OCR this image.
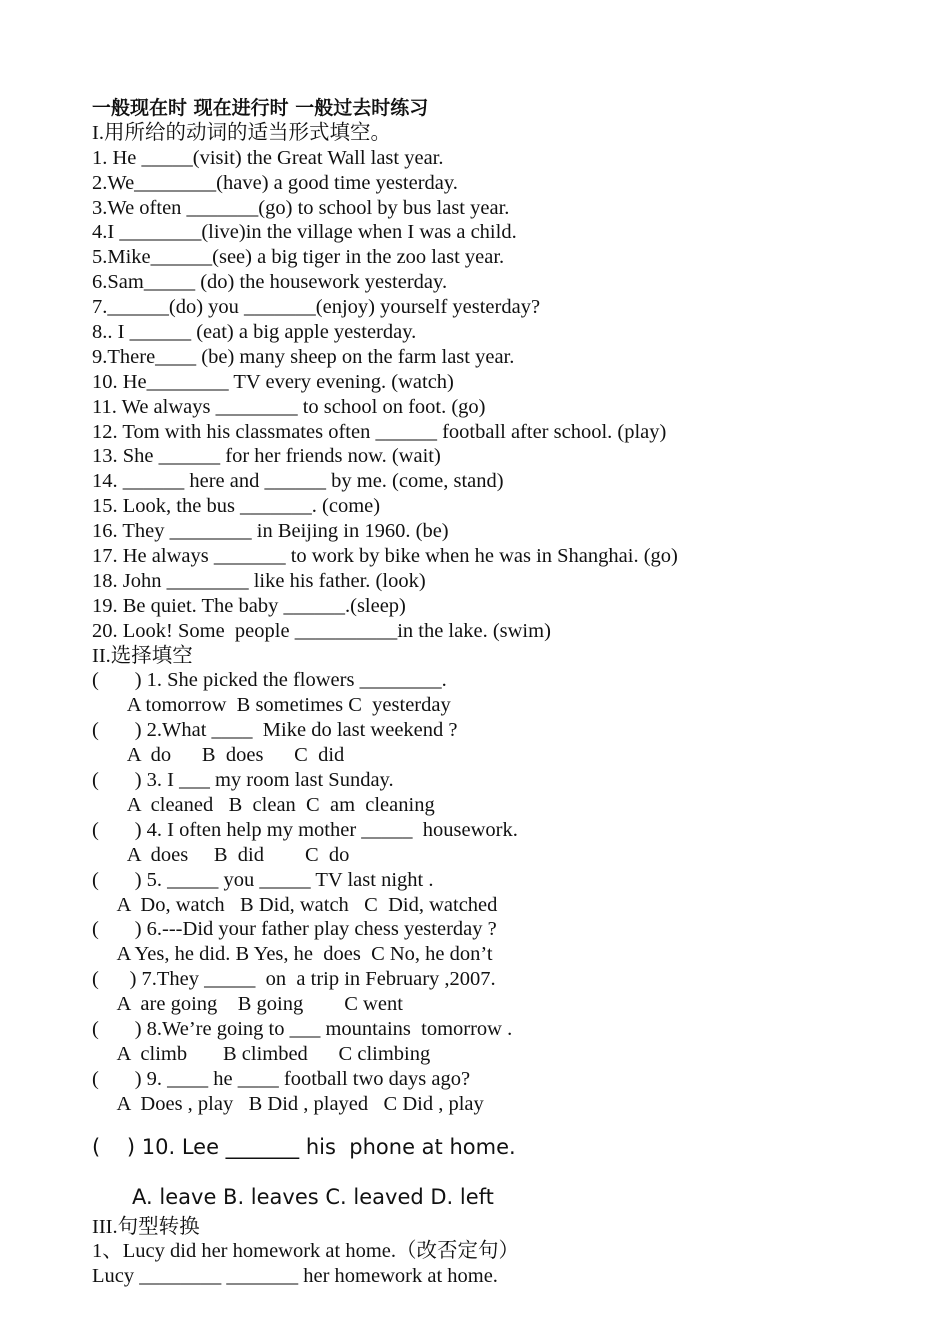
一般现在时 现在进行时 一般过去时练习
I.用所给的动词的适当形式填空。
1. He _____(visit) the Great Wall last year.
2.We________(have) a good time yesterday.
3.We often _______(go) to school by bus last year.
4.I ________(live)in the village when I was a child.
5.Mike______(see) a big tiger in the zoo last year.
6.Sam_____ (do) the housework yesterday.
7.______(do) you _______(enjoy) yourself yesterday?
8.. I ______ (eat) a big apple yesterday.
9.There____ (be) many sheep on the farm last year.
10. He________ TV every evening. (watch)
11. We always ________ to school on foot. (go)
12. Tom with his classmates often ______ football after school. (play)
13. She ______ for her friends now. (wait)
14. ______ here and ______ by me. (come, stand)
15. Look, the bus _______. (come)
16. They ________ in Beijing in 1960. (be)
17. He always _______ to work by bike when he was in Shanghai. (go)
18. John ________ like his father. (look)
19. Be quiet. The baby ______.(sleep)
20. Look! Some  people __________in the lake. (swim)
II.选择填空
(       ) 1. She picked the flowers ________.
A tomorrow  B sometimes C  yesterday
(       ) 2.What ____  Mike do last weekend ?
A  do      B  does      C  did
(       ) 3. I ___ my room last Sunday.
A  cleaned   B  clean  C  am  cleaning
(       ) 4. I often help my mother _____  housework.
A  does     B  did        C  do
(       ) 5. _____ you _____ TV last night .
A  Do, watch   B Did, watch   C  Did, watched
(       ) 6.---Did your father play chess yesterday ?
A Yes, he did. B Yes, he  does  C No, he don’t
(      ) 7.They _____  on  a trip in February ,2007.
A  are going    B going        C went
(       ) 8.We’re going to ___ mountains  tomorrow .
A  climb       B climbed      C climbing
(       ) 9. ____ he ____ football two days ago?
A  Does , play   B Did , played   C Did , play
(    ) 10. Lee _______ his  phone at home.
A. leave B. leaves C. leaved D. left
III.句型转换
1、Lucy did her homework at home.（改否定句）
Lucy ________ _______ her homework at home.
